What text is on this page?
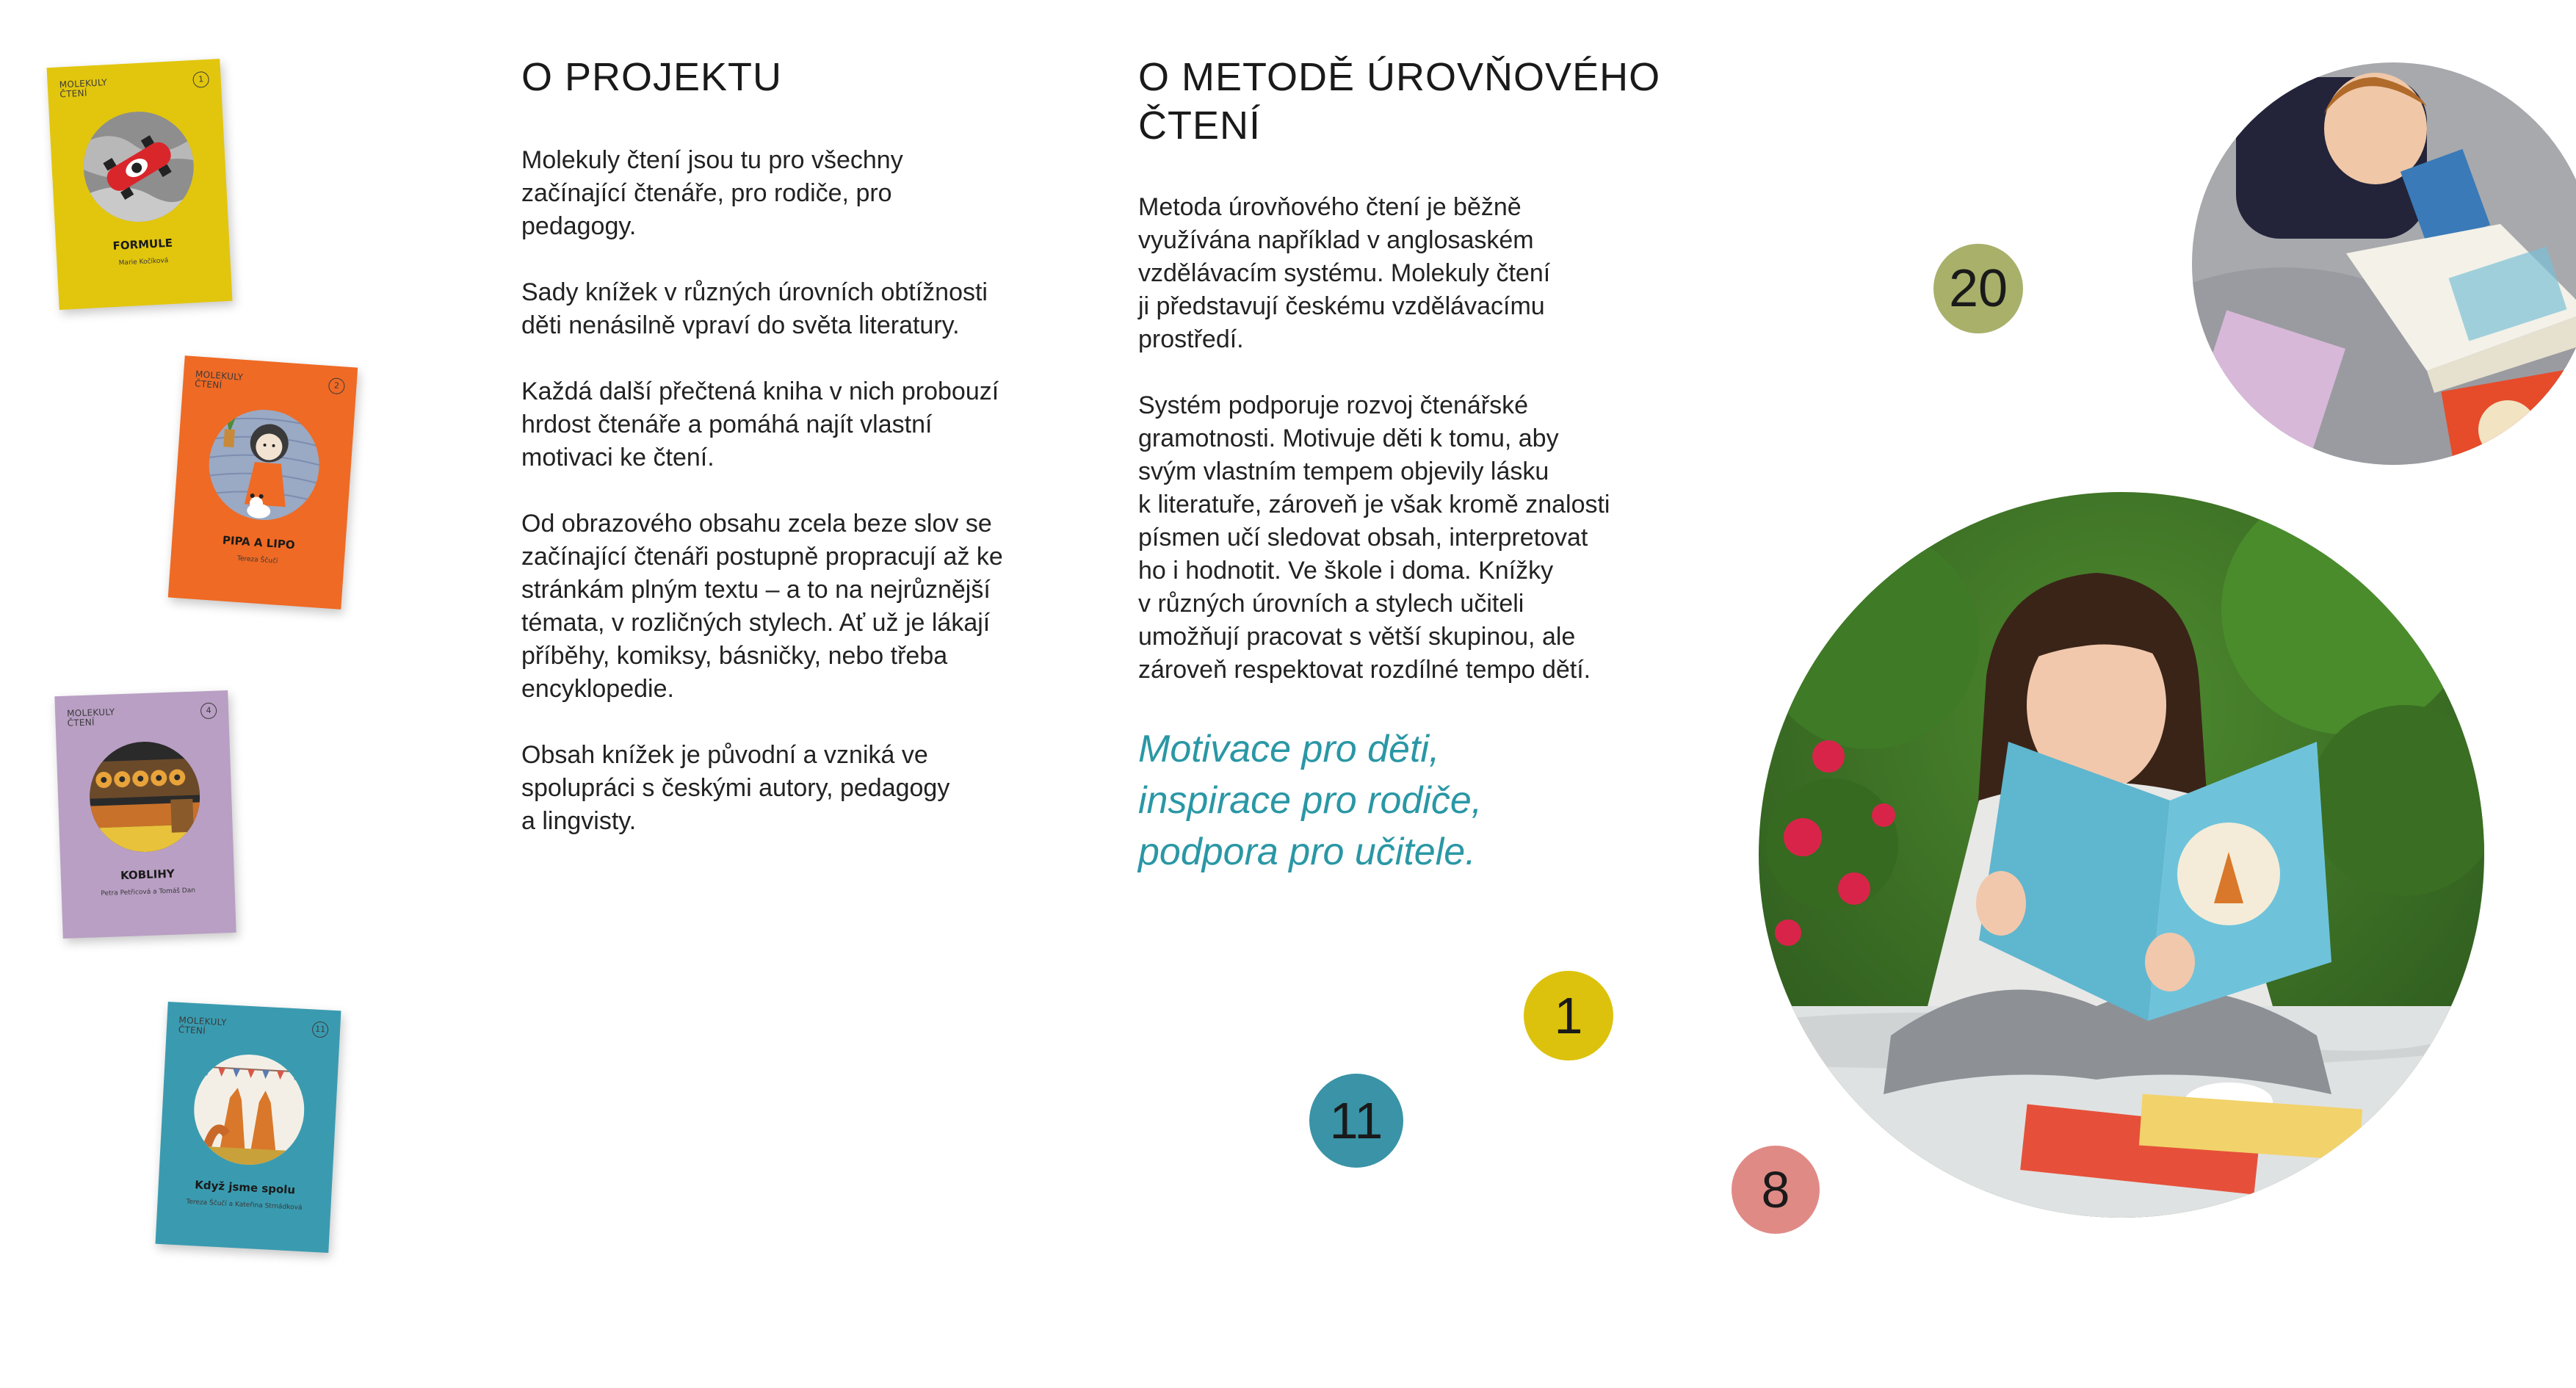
MOLEKULY
ČTENÍ
1
FORMULE
Marie Kočíková
MOLEKULY
ČTENÍ	2
PIPA A LIPO
Tereza Ščučí
MOLEKULY
ČTENÍ
4
KOBLIHY
Petra Petřicová a Tomáš Dan
MOLEKULY
ČTENÍ	11
Když jsme spolu
Tereza Ščučí a Kateřina Strnádková
O PROJEKTU

Molekuly čtení jsou tu pro všechny
začínající čtenáře, pro rodiče, pro
pedagogy.

Sady knížek v různých úrovních obtížnosti
děti nenásilně vpraví do světa literatury.

Každá další přečtená kniha v nich probouzí
hrdost čtenáře a pomáhá najít vlastní
motivaci ke čtení.

Od obrazového obsahu zcela beze slov se
začínající čtenáři postupně propracují až ke
stránkám plným textu – a to na nejrůznější
témata, v rozličných stylech. Ať už je lákají
příběhy, komiksy, básničky, nebo třeba
encyklopedie.

Obsah knížek je původní a vzniká ve
spolupráci s českými autory, pedagogy
a lingvisty.

O METODĚ ÚROVŇOVÉHO
ČTENÍ

Metoda úrovňového čtení je běžně
využívána například v anglosaském
vzdělávacím systému. Molekuly čtení
ji představují českému vzdělávacímu
prostředí.

Systém podporuje rozvoj čtenářské
gramotnosti. Motivuje děti k tomu, aby
svým vlastním tempem objevily lásku
k literatuře, zároveň je však kromě znalosti
písmen učí sledovat obsah, interpretovat
ho i hodnotit. Ve škole i doma. Knížky
v různých úrovních a stylech učiteli
umožňují pracovat s větší skupinou, ale
zároveň respektovat rozdílné tempo dětí.

Motivace pro děti,
inspirace pro rodiče,
podpora pro učitele.
20
1
11
8
